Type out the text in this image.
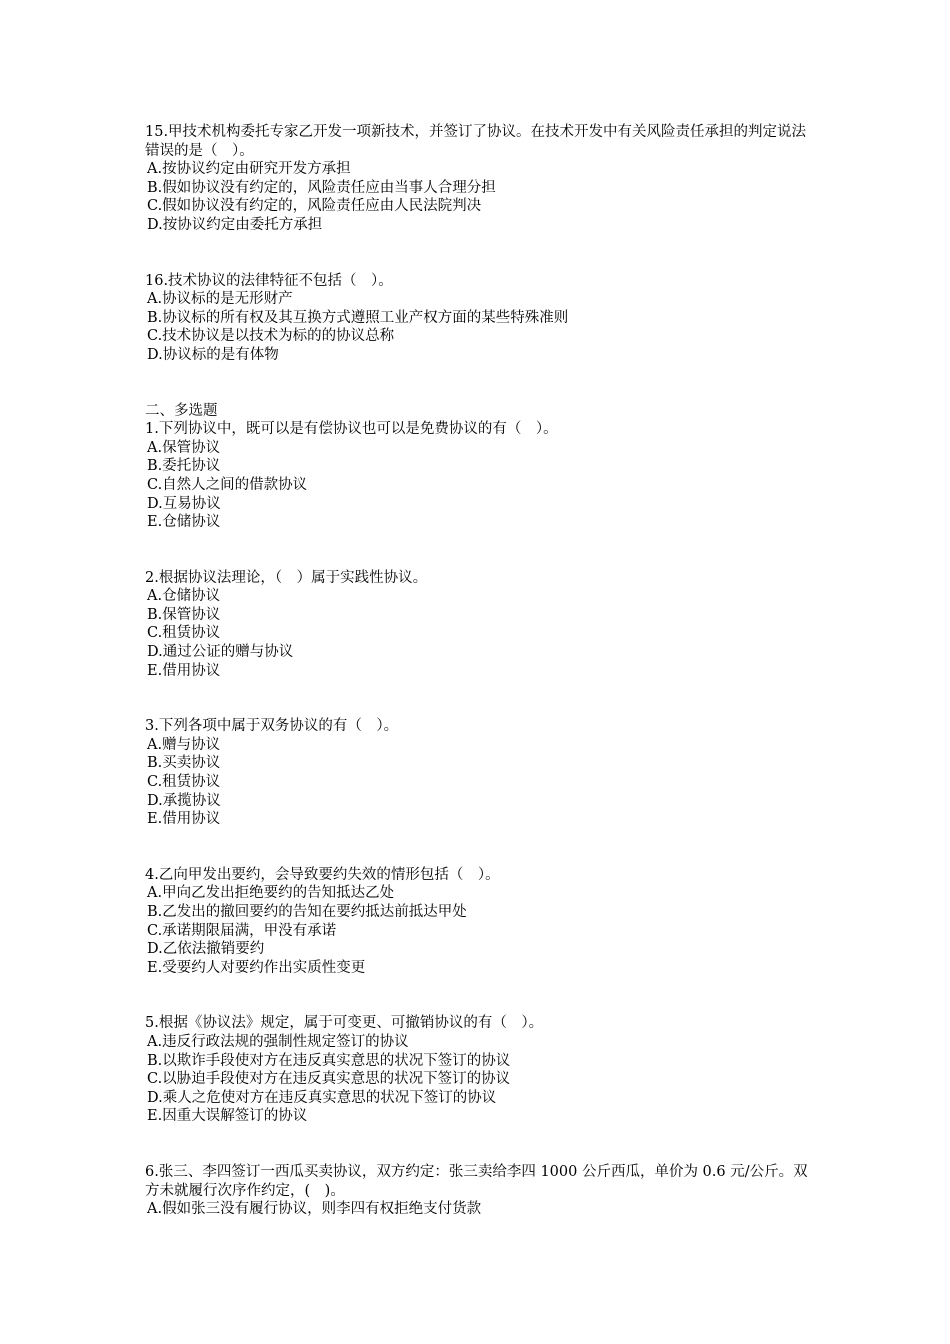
15.甲技术机构委托专家乙开发一项新技术，并签订了协议。在技术开发中有关风险责任承担的判定说法错误的是（　）。
A.按协议约定由研究开发方承担
B.假如协议没有约定的，风险责任应由当事人合理分担
C.假如协议没有约定的，风险责任应由人民法院判决
D.按协议约定由委托方承担
16.技术协议的法律特征不包括（　）。
A.协议标的是无形财产
B.协议标的所有权及其互换方式遵照工业产权方面的某些特殊准则
C.技术协议是以技术为标的的协议总称
D.协议标的是有体物
二、多选题
1.下列协议中，既可以是有偿协议也可以是免费协议的有（　）。
A.保管协议
B.委托协议
C.自然人之间的借款协议
D.互易协议
E.仓储协议
2.根据协议法理论，（　）属于实践性协议。
A.仓储协议
B.保管协议
C.租赁协议
D.通过公证的赠与协议
E.借用协议
3.下列各项中属于双务协议的有（　）。
A.赠与协议
B.买卖协议
C.租赁协议
D.承揽协议
E.借用协议
4.乙向甲发出要约，会导致要约失效的情形包括（　）。
A.甲向乙发出拒绝要约的告知抵达乙处
B.乙发出的撤回要约的告知在要约抵达前抵达甲处
C.承诺期限届满，甲没有承诺
D.乙依法撤销要约
E.受要约人对要约作出实质性变更
5.根据《协议法》规定，属于可变更、可撤销协议的有（　）。
A.违反行政法规的强制性规定签订的协议
B.以欺诈手段使对方在违反真实意思的状况下签订的协议
C.以胁迫手段使对方在违反真实意思的状况下签订的协议
D.乘人之危使对方在违反真实意思的状况下签订的协议
E.因重大误解签订的协议
6.张三、李四签订一西瓜买卖协议，双方约定：张三卖给李四 1000 公斤西瓜，单价为 0.6 元/公斤。双方未就履行次序作约定，(　)。
A.假如张三没有履行协议，则李四有权拒绝支付货款
